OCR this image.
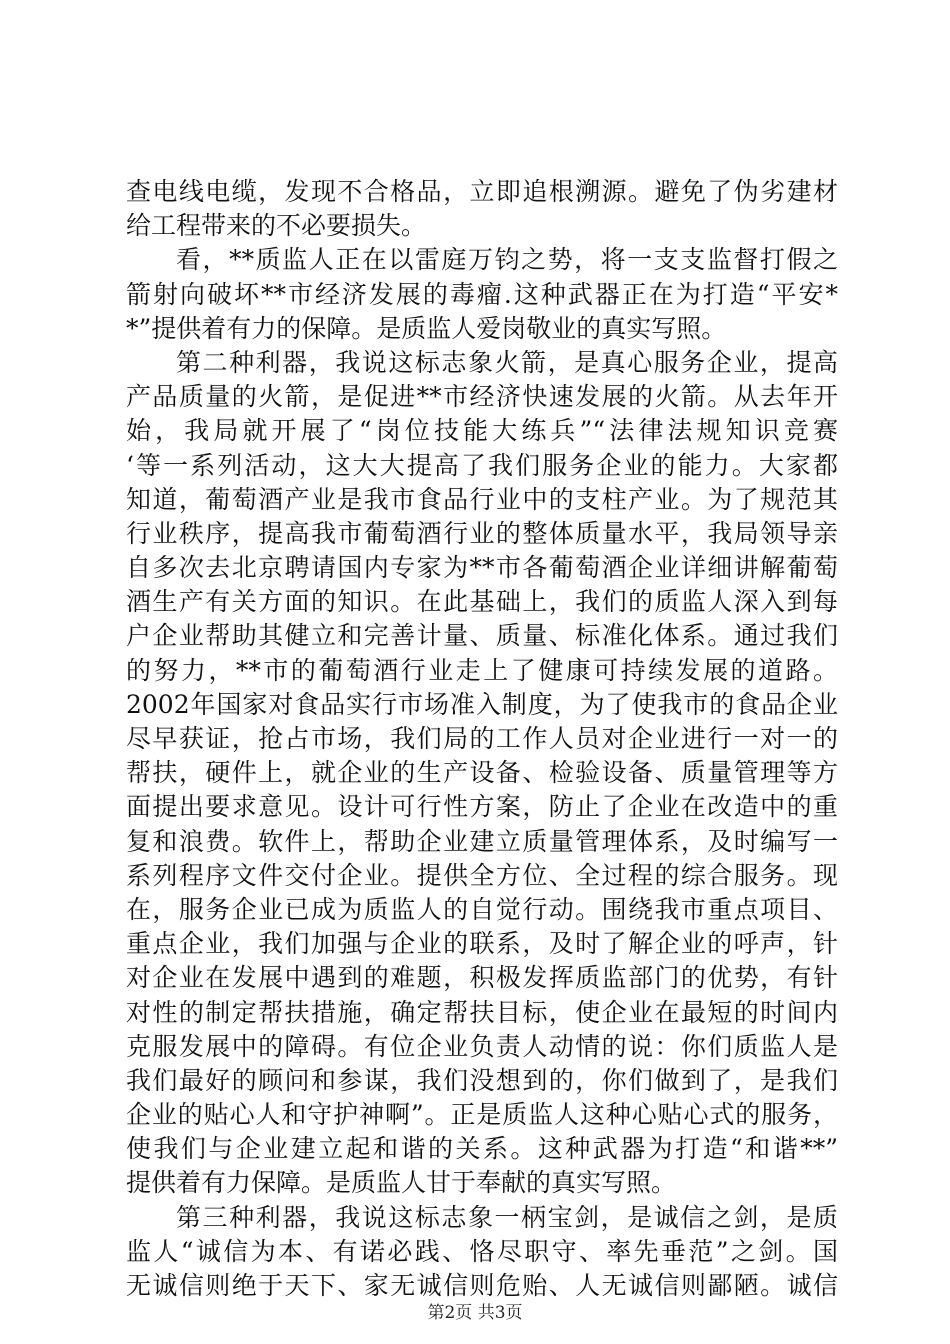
查电线电缆，发现不合格品，立即追根溯源。避免了伪劣建材
给工程带来的不必要损失。
看，**质监人正在以雷庭万钧之势，将一支支监督打假之
箭射向破坏**市经济发展的毒瘤.这种武器正在为打造“平安*
*”提供着有力的保障。是质监人爱岗敬业的真实写照。
第二种利器，我说这标志象火箭，是真心服务企业，提高
产品质量的火箭，是促进**市经济快速发展的火箭。从去年开
始，我局就开展了“岗位技能大练兵”“法律法规知识竞赛
‘等一系列活动，这大大提高了我们服务企业的能力。大家都
知道，葡萄酒产业是我市食品行业中的支柱产业。为了规范其
行业秩序，提高我市葡萄酒行业的整体质量水平，我局领导亲
自多次去北京聘请国内专家为**市各葡萄酒企业详细讲解葡萄
酒生产有关方面的知识。在此基础上，我们的质监人深入到每
户企业帮助其健立和完善计量、质量、标准化体系。通过我们
的努力，**市的葡萄酒行业走上了健康可持续发展的道路。
2002年国家对食品实行市场准入制度，为了使我市的食品企业
尽早获证，抢占市场，我们局的工作人员对企业进行一对一的
帮扶，硬件上，就企业的生产设备、检验设备、质量管理等方
面提出要求意见。设计可行性方案，防止了企业在改造中的重
复和浪费。软件上，帮助企业建立质量管理体系，及时编写一
系列程序文件交付企业。提供全方位、全过程的综合服务。现
在，服务企业已成为质监人的自觉行动。围绕我市重点项目、
重点企业，我们加强与企业的联系，及时了解企业的呼声，针
对企业在发展中遇到的难题，积极发挥质监部门的优势，有针
对性的制定帮扶措施，确定帮扶目标，使企业在最短的时间内
克服发展中的障碍。有位企业负责人动情的说：你们质监人是
我们最好的顾问和参谋，我们没想到的，你们做到了，是我们
企业的贴心人和守护神啊”。正是质监人这种心贴心式的服务，
使我们与企业建立起和谐的关系。这种武器为打造“和谐**”
提供着有力保障。是质监人甘于奉献的真实写照。
第三种利器，我说这标志象一柄宝剑，是诚信之剑，是质
监人“诚信为本、有诺必践、恪尽职守、率先垂范”之剑。国
无诚信则绝于天下、家无诚信则危贻、人无诚信则鄙陋。诚信
第2页 共3页
